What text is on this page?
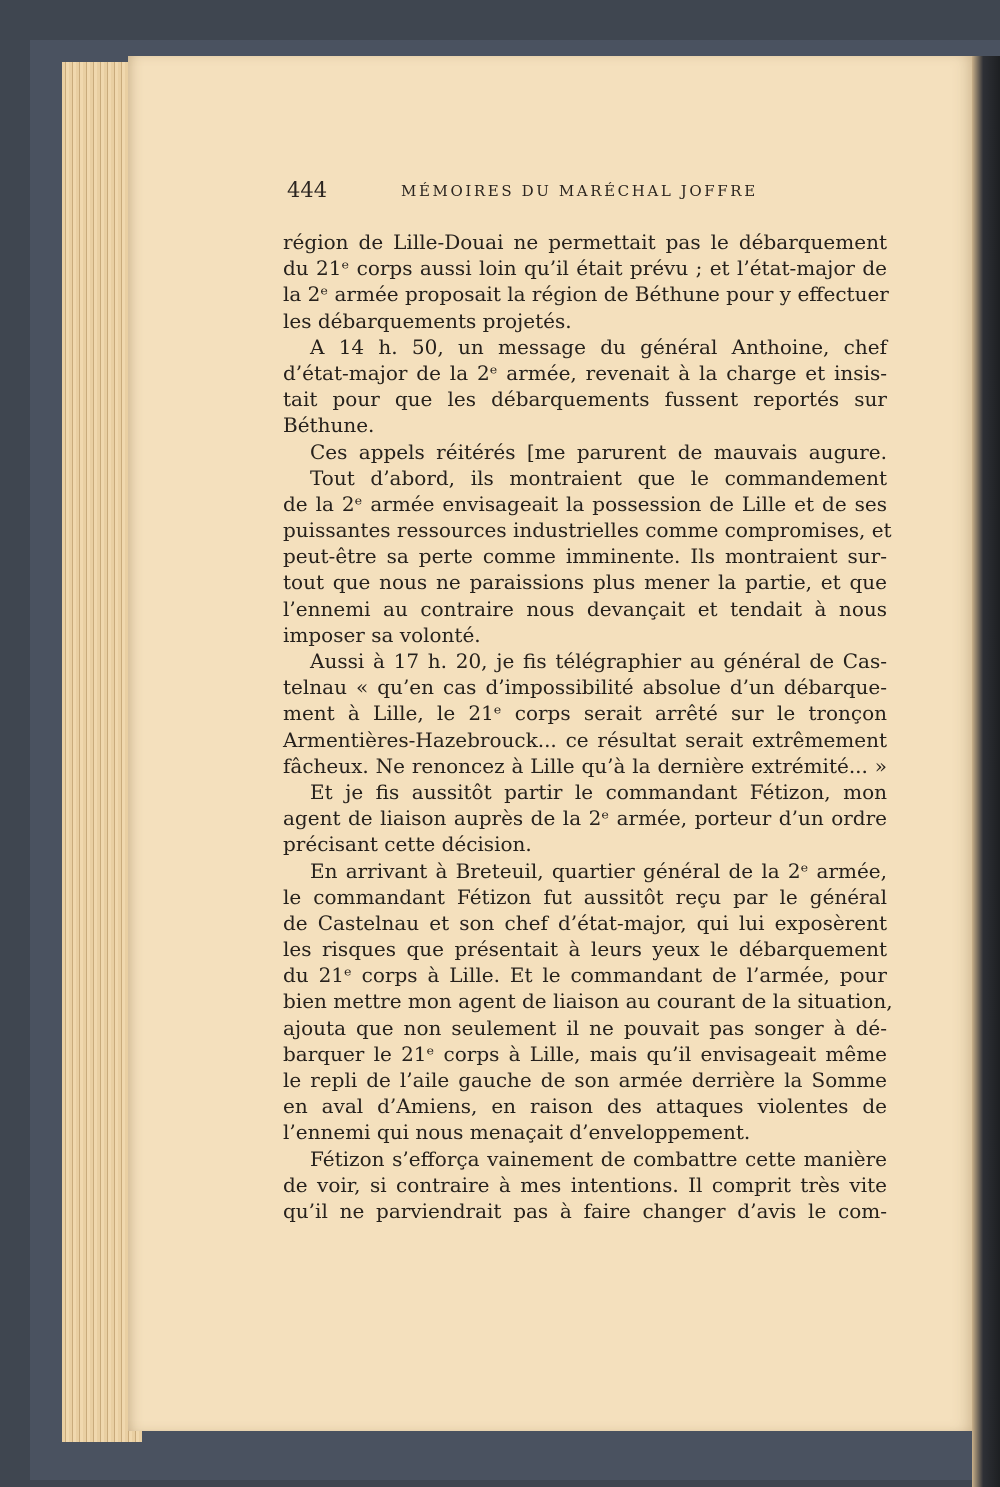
444	MÉMOIRES DU MARÉCHAL JOFFRE
région de Lille-Douai ne permettait pas le débarquement
du 21ᵉ corps aussi loin qu’il était prévu ; et l’état-major de
la 2ᵉ armée proposait la région de Béthune pour y effectuer
les débarquements projetés.
A 14 h. 50, un message du général Anthoine, chef
d’état-major de la 2ᵉ armée, revenait à la charge et insis-
tait pour que les débarquements fussent reportés sur
Béthune.
Ces appels réitérés [me parurent de mauvais augure.
Tout d’abord, ils montraient que le commandement
de la 2ᵉ armée envisageait la possession de Lille et de ses
puissantes ressources industrielles comme compromises, et
peut-être sa perte comme imminente. Ils montraient sur-
tout que nous ne paraissions plus mener la partie, et que
l’ennemi au contraire nous devançait et tendait à nous
imposer sa volonté.
Aussi à 17 h. 20, je fis télégraphier au général de Cas-
telnau « qu’en cas d’impossibilité absolue d’un débarque-
ment à Lille, le 21ᵉ corps serait arrêté sur le tronçon
Armentières-Hazebrouck... ce résultat serait extrêmement
fâcheux. Ne renoncez à Lille qu’à la dernière extrémité... »
Et je fis aussitôt partir le commandant Fétizon, mon
agent de liaison auprès de la 2ᵉ armée, porteur d’un ordre
précisant cette décision.
En arrivant à Breteuil, quartier général de la 2ᵉ armée,
le commandant Fétizon fut aussitôt reçu par le général
de Castelnau et son chef d’état-major, qui lui exposèrent
les risques que présentait à leurs yeux le débarquement
du 21ᵉ corps à Lille. Et le commandant de l’armée, pour
bien mettre mon agent de liaison au courant de la situation,
ajouta que non seulement il ne pouvait pas songer à dé-
barquer le 21ᵉ corps à Lille, mais qu’il envisageait même
le repli de l’aile gauche de son armée derrière la Somme
en aval d’Amiens, en raison des attaques violentes de
l’ennemi qui nous menaçait d’enveloppement.
Fétizon s’efforça vainement de combattre cette manière
de voir, si contraire à mes intentions. Il comprit très vite
qu’il ne parviendrait pas à faire changer d’avis le com-
